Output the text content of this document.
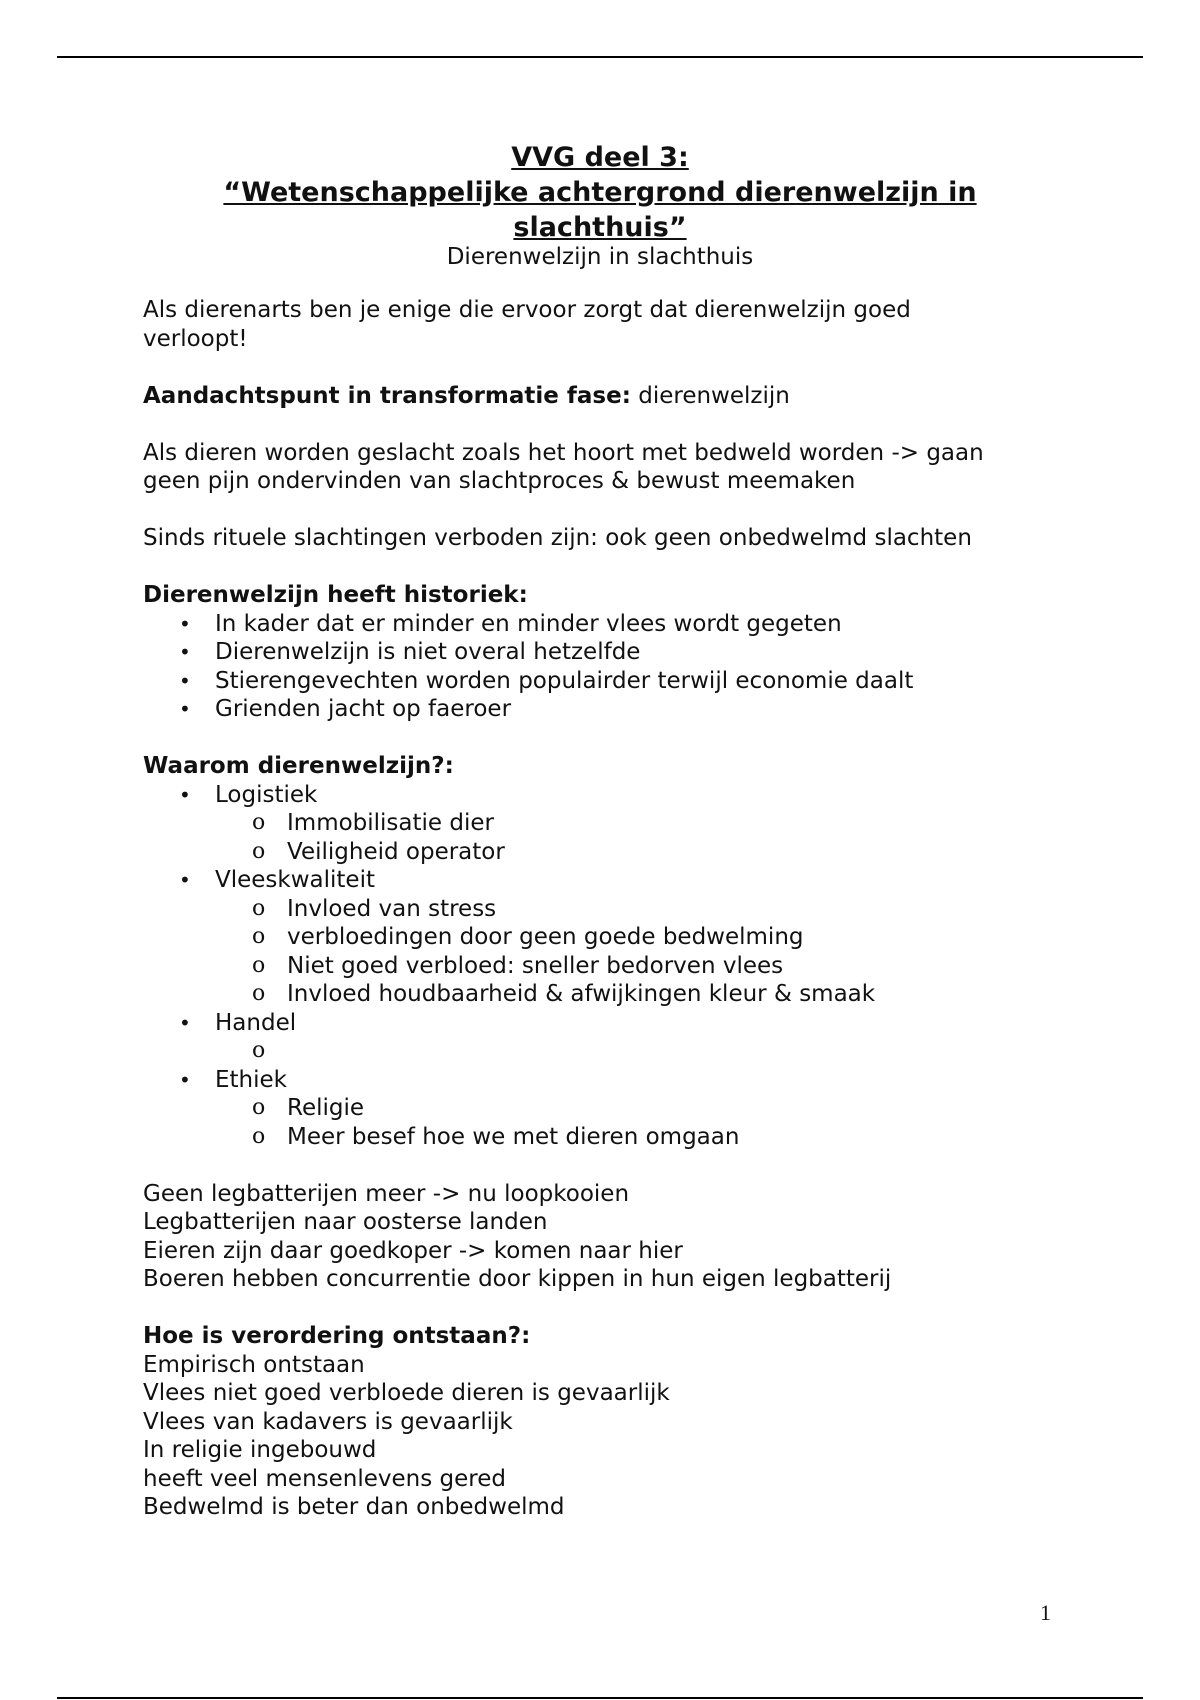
VVG deel 3:
“Wetenschappelijke achtergrond dierenwelzijn in
slachthuis”
Dierenwelzijn in slachthuis

Als dierenarts ben je enige die ervoor zorgt dat dierenwelzijn goed

verloopt!

Aandachtspunt in transformatie fase: dierenwelzijn

Als dieren worden geslacht zoals het hoort met bedweld worden -> gaan

geen pijn ondervinden van slachtproces & bewust meemaken

Sinds rituele slachtingen verboden zijn: ook geen onbedwelmd slachten

Dierenwelzijn heeft historiek:

• In kader dat er minder en minder vlees wordt gegeten
• Dierenwelzijn is niet overal hetzelfde
• Stierengevechten worden populairder terwijl economie daalt
• Grienden jacht op faeroer

Waarom dierenwelzijn?:

• Logistiek
o Immobilisatie dier
o Veiligheid operator
• Vleeskwaliteit
o Invloed van stress
o verbloedingen door geen goede bedwelming
o Niet goed verbloed: sneller bedorven vlees
o Invloed houdbaarheid & afwijkingen kleur & smaak
• Handel
o

• Ethiek
o Religie
o Meer besef hoe we met dieren omgaan

Geen legbatterijen meer -> nu loopkooien

Legbatterijen naar oosterse landen

Eieren zijn daar goedkoper -> komen naar hier

Boeren hebben concurrentie door kippen in hun eigen legbatterij

Hoe is verordering ontstaan?:

Empirisch ontstaan

Vlees niet goed verbloede dieren is gevaarlijk

Vlees van kadavers is gevaarlijk

In religie ingebouwd

heeft veel mensenlevens gered

Bedwelmd is beter dan onbedwelmd

1
